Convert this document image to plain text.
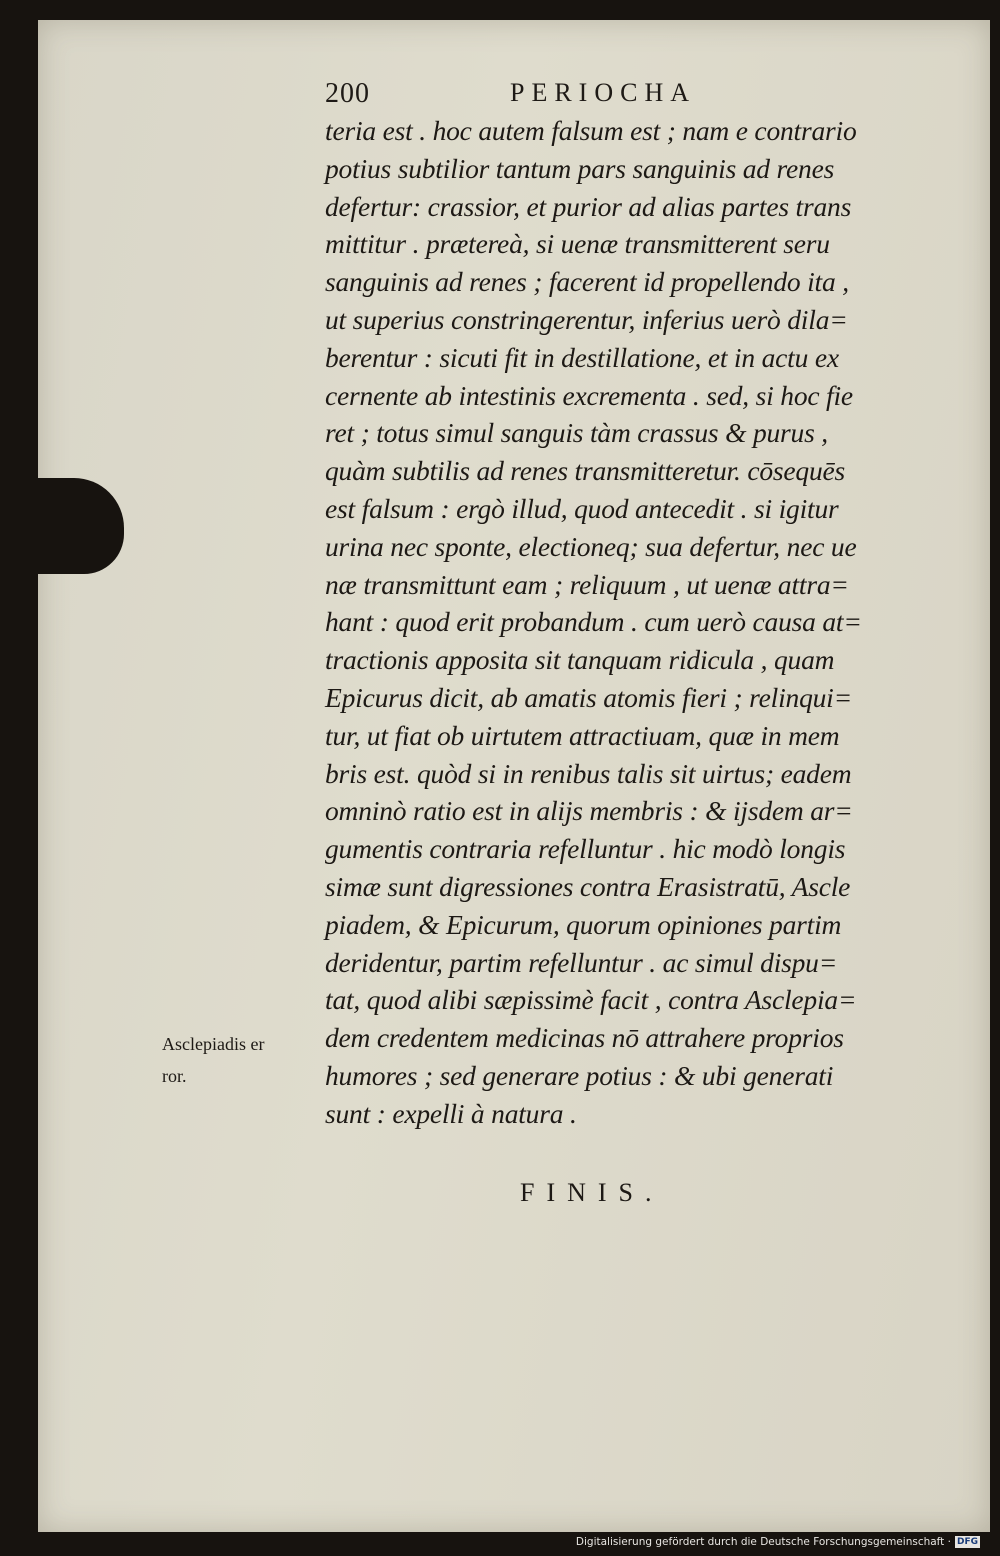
200	PERIOCHA
teria est . hoc autem falsum est ; nam e contrario
potius subtilior tantum pars sanguinis ad renes
defertur: crassior, et purior ad alias partes trans
mittitur . prætereà, si uenæ transmitterent seru
sanguinis ad renes ; facerent id propellendo ita ,
ut superius constringerentur, inferius uerò dila=
berentur : sicuti fit in destillatione, et in actu ex
cernente ab intestinis excrementa . sed, si hoc fie
ret ; totus simul sanguis tàm crassus & purus ,
quàm subtilis ad renes transmitteretur. cōsequēs
est falsum : ergò illud, quod antecedit . si igitur
urina nec sponte, electioneq; sua defertur, nec ue
næ transmittunt eam ; reliquum , ut uenæ attra=
hant : quod erit probandum . cum uerò causa at=
tractionis apposita sit tanquam ridicula , quam
Epicurus dicit, ab amatis atomis fieri ; relinqui=
tur, ut fiat ob uirtutem attractiuam, quæ in mem
bris est. quòd si in renibus talis sit uirtus; eadem
omninò ratio est in alijs membris : & ijsdem ar=
gumentis contraria refelluntur . hic modò longis
simæ sunt digressiones contra Erasistratū, Ascle
piadem, & Epicurum, quorum opiniones partim
deridentur, partim refelluntur . ac simul dispu=
tat, quod alibi sæpissimè facit , contra Asclepia=
dem credentem medicinas nō attrahere proprios
humores ; sed generare potius : & ubi generati
sunt : expelli à natura .
Asclepiadis er
ror.
FINIS.
Digitalisierung gefördert durch die Deutsche Forschungsgemeinschaft · DFG
